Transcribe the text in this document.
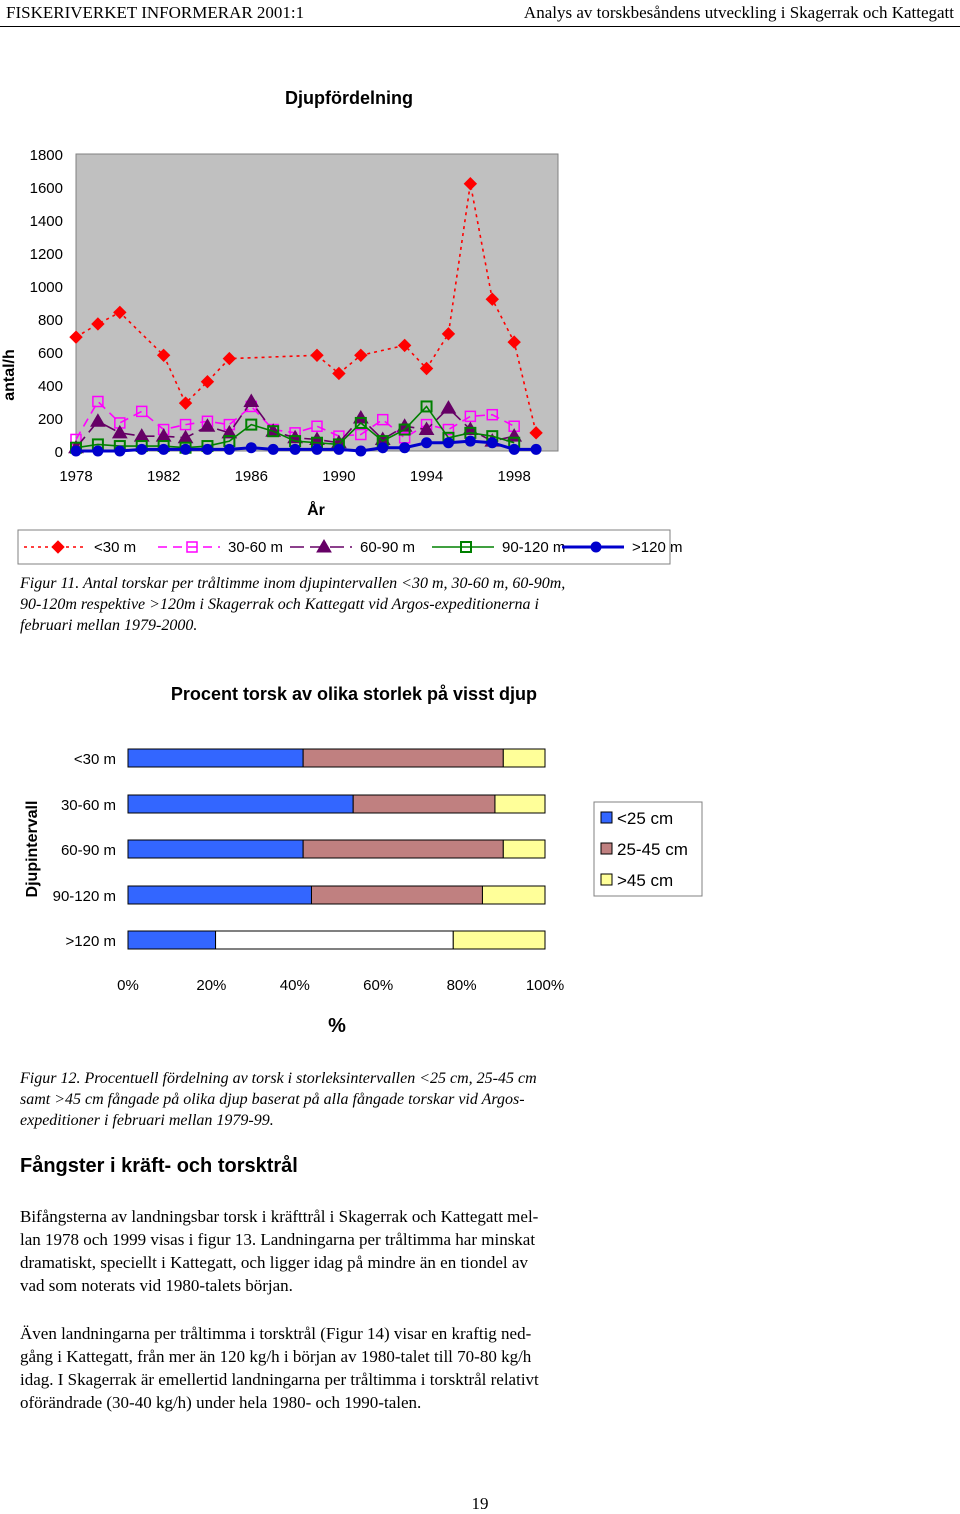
FISKERIVERKET INFORMERAR 2001:1	Analys av torskbesåndens utveckling i Skagerrak och Kattegatt
Djupfördelning
antal/h
År
0
200
400
600
800
1000
1200
1400
1600
1800
1978	1982	1986	1990	1994	1998
<30 m	30-60 m	60-90 m	90-120 m	>120 m
Figur 11. Antal torskar per tråltimme inom djupintervallen <30 m, 30-60 m, 60-90m,
90-120m respektive >120m i Skagerrak och Kattegatt vid Argos-expeditionerna i
februari mellan 1979-2000.
Procent torsk av olika storlek på visst djup
Djupintervall
%
<30 m
30-60 m
60-90 m
90-120 m
>120 m
0%	20%	40%	60%	80%	100%
<25 cm
25-45 cm
>45 cm
Figur 12. Procentuell fördelning av torsk i storleksintervallen <25 cm, 25-45 cm
samt >45 cm fångade på olika djup baserat på alla fångade torskar vid Argos-
expeditioner i februari mellan 1979-99.
Fångster i kräft- och torsktrål
Bifångsterna av landningsbar torsk i kräfttrål i Skagerrak och Kattegatt mel-
lan 1978 och 1999 visas i figur 13. Landningarna per tråltimma har minskat
dramatiskt, speciellt i Kattegatt, och ligger idag på mindre än en tiondel av
vad som noterats vid 1980-talets början.
Även landningarna per tråltimma i torsktrål (Figur 14) visar en kraftig ned-
gång i Kattegatt, från mer än 120 kg/h i början av 1980-talet till 70-80 kg/h
idag. I Skagerrak är emellertid landningarna per tråltimma i torsktrål relativt
oförändrade (30-40 kg/h) under hela 1980- och 1990-talen.
19
